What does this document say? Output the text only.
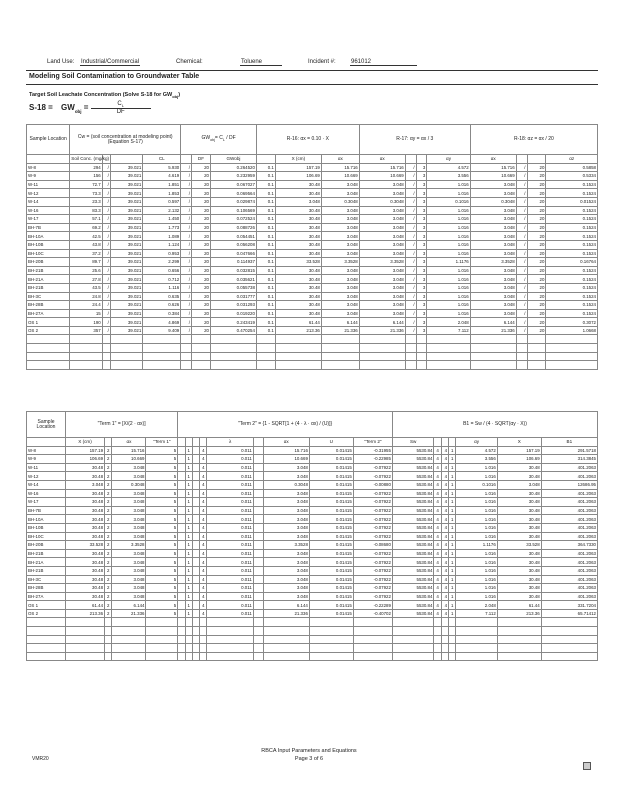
Land Use: Industrial/Commercial	Chemical:	Toluene	Incident #:	961012
Modeling Soil Contamination to Groundwater Table
Target Soil Leachate Concentration (Solve S-18 for $GW_{obj}$)
$S-18 = GW_{obj} = \frac{C_L}{DF}$
Sample Location	Cw = (soil concentration at modeling point) (Equation S-17)				$GW_{obj}= C_L$ / DF			R-16: αx = 0.10 · X			R-17: αy = αx / 3				R-18: αz = αx / 20			
	Soil Conc. (mg/kg)			CL		DF	GWobj		X (cm)	αx	αx			αy	αx			αz
W-8	294	/	39.021	5.930	/	20	0.264520	0.1	157.19	15.716	15.716	/	3	4.572	15.716	/	20	0.5858
W-9	156	/	39.021	4.619	/	20	0.232959	0.1	106.69	10.669	10.669	/	3	3.556	10.669	/	20	0.5334
W-11	72.7	/	39.021	1.851	/	20	0.067027	0.1	30.48	3.048	3.048	/	3	1.016	3.048	/	20	0.1524
W-12	73.3	/	39.021	1.853	/	20	0.069564	0.1	30.48	3.048	3.048	/	3	1.016	3.048	/	20	0.1524
W-14	23.3	/	39.021	0.597	/	20	0.029874	0.1	3.048	0.3048	0.3048	/	3	0.1016	0.3048	/	20	0.01524
W-16	83.3	/	39.021	2.132	/	20	0.106569	0.1	30.48	3.048	3.048	/	3	1.016	3.048	/	20	0.1524
W-17	57.1	/	39.021	1.450	/	20	0.072524	0.1	30.48	3.048	3.048	/	3	1.016	3.048	/	20	0.1524
BH-7B	69.2	/	39.021	1.773	/	20	0.088726	0.1	30.48	3.048	3.048	/	3	1.016	3.048	/	20	0.1524
BH-10A	42.5	/	39.021	1.089	/	20	0.054451	0.1	30.48	3.048	3.048	/	3	1.016	3.048	/	20	0.1524
BH-10B	43.8	/	39.021	1.124	/	20	0.056208	0.1	30.48	3.048	3.048	/	3	1.016	3.048	/	20	0.1524
BH-10C	37.2	/	39.021	0.953	/	20	0.047666	0.1	30.48	3.048	3.048	/	3	1.016	3.048	/	20	0.1524
BH-20B	89.7	/	39.021	2.299	/	20	0.114937	0.1	33.528	3.3528	3.3528	/	3	1.1176	3.3528	/	20	0.16764
BH-21B	25.6	/	39.021	0.656	/	20	0.032815	0.1	30.48	3.048	3.048	/	3	1.016	3.048	/	20	0.1524
BH-21A	27.8	/	39.021	0.712	/	20	0.035621	0.1	30.48	3.048	3.048	/	3	1.016	3.048	/	20	0.1524
BH-21B	43.5	/	39.021	1.116	/	20	0.055738	0.1	30.48	3.048	3.048	/	3	1.016	3.048	/	20	0.1524
BH-3C	24.8	/	39.021	0.635	/	20	0.031777	0.1	30.48	3.048	3.048	/	3	1.016	3.048	/	20	0.1524
BH-28B	24.4	/	39.021	0.626	/	20	0.031293	0.1	30.48	3.048	3.048	/	3	1.016	3.048	/	20	0.1524
BH-27A	15	/	39.021	0.384	/	20	0.019220	0.1	30.48	3.048	3.048	/	3	1.016	3.048	/	20	0.1524
OS 1	190	/	39.021	4.869	/	20	0.243419	0.1	61.44	6.144	6.144	/	3	2.048	6.144	/	20	0.3072
OS 2	357	/	39.021	9.409	/	20	0.470254	0.1	213.36	21.336	21.336	/	3	7.112	21.336	/	20	1.0668

Sample Location	"Term 1" = [X/(2 · αx)]				"Term 2" = {1 - SQRT[1 + (4 · λ · αx) / (U)]}									B1 = Sw / (4 · SQRT(αy · X))						
	X (cm)		αx	"Term 1"					λ		αx	U	"Term 2"	Sw				αy	X	B1
W-8	157.19	2	15.716	5		1		4	0.011		15.716	0.01415	-0.31955	5530.84	4	4	1	4.572	157.19	291.5718
W-9	106.69	2	10.669	5		1		4	0.011		10.669	0.01415	-0.22985	5530.84	4	4	1	3.556	106.69	314.3845
W-11	30.48	2	3.048	5		1		4	0.011		3.048	0.01415	-0.07922	5530.84	4	4	1	1.016	30.48	401.2063
W-12	30.48	2	3.048	5		1		4	0.011		3.048	0.01415	-0.07922	5530.84	4	4	1	1.016	30.48	401.2063
W-14	3.048	2	0.3048	5		1		4	0.011		0.3048	0.01415	-0.00880	5530.84	4	4	1	0.1016	3.048	12686.95
W-16	30.48	2	3.048	5		1		4	0.011		3.048	0.01415	-0.07922	5530.84	4	4	1	1.016	30.48	401.2063
W-17	30.48	2	3.048	5		1		4	0.011		3.048	0.01415	-0.07922	5530.84	4	4	1	1.016	30.48	401.2063
BH-7B	30.48	2	3.048	5		1		4	0.011		3.048	0.01415	-0.07922	5530.84	4	4	1	1.016	30.48	401.2063
BH-10A	30.48	2	3.048	5		1		4	0.011		3.048	0.01415	-0.07922	5530.84	4	4	1	1.016	30.48	401.2063
BH-10B	30.48	2	3.048	5		1		4	0.011		3.048	0.01415	-0.07922	5530.84	4	4	1	1.016	30.48	401.2063
BH-10C	30.48	2	3.048	5		1		4	0.011		3.048	0.01415	-0.07922	5530.84	4	4	1	1.016	30.48	401.2063
BH-20B	33.528	2	3.3528	5		1		4	0.011		3.3528	0.01415	-0.08680	5530.84	4	4	1	1.1176	33.528	364.7330
BH-21B	30.48	2	3.048	5		1		4	0.011		3.048	0.01415	-0.07922	5530.84	4	4	1	1.016	30.48	401.2063
BH-21A	30.48	2	3.048	5		1		4	0.011		3.048	0.01415	-0.07922	5530.84	4	4	1	1.016	30.48	401.2063
BH-21B	30.48	2	3.048	5		1		4	0.011		3.048	0.01415	-0.07922	5530.84	4	4	1	1.016	30.48	401.2063
BH-3C	30.48	2	3.048	5		1		4	0.011		3.048	0.01415	-0.07922	5530.84	4	4	1	1.016	30.48	401.2063
BH-28B	30.48	2	3.048	5		1		4	0.011		3.048	0.01415	-0.07922	5530.84	4	4	1	1.016	30.48	401.2063
BH-27A	30.48	2	3.048	5		1		4	0.011		3.048	0.01415	-0.07922	5530.84	4	4	1	1.016	30.48	401.2063
OS 1	61.44	2	6.144	5		1		4	0.011		6.144	0.01415	-0.22289	5530.84	4	4	1	2.048	61.44	331.7204
OS 2	213.36	2	21.336	5		1		4	0.011		21.336	0.01415	-0.40702	5530.84	4	4	1	7.112	213.36	65.71412

RBCA Input Parameters and Equations
Page 3 of 6
VMR20
